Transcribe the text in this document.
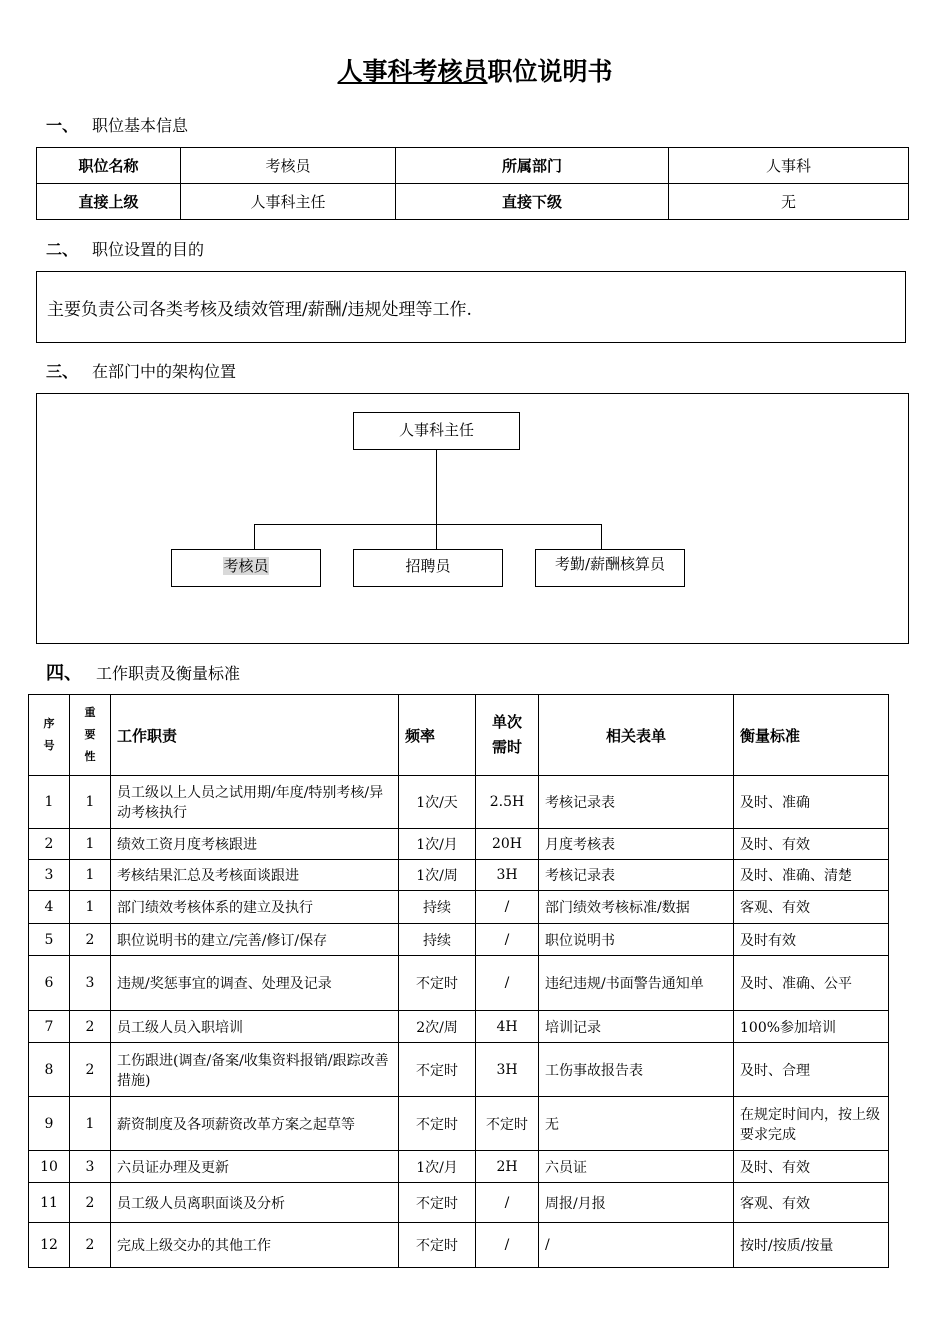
人事科考核员职位说明书
一、 职位基本信息
职位名称	考核员	所属部门	人事科
直接上级	人事科主任	直接下级	无
二、 职位设置的目的
主要负责公司各类考核及绩效管理/薪酬/违规处理等工作.
三、 在部门中的架构位置
人事科主任
考核员	招聘员	考勤/薪酬核算员
四、 工作职责及衡量标准
序号	重要性	工作职责	频率	单次需时	相关表单	衡量标准
1	1	员工级以上人员之试用期/年度/特别考核/异动考核执行	1次/天	2.5H	考核记录表	及时、准确
2	1	绩效工资月度考核跟进	1次/月	20H	月度考核表	及时、有效
3	1	考核结果汇总及考核面谈跟进	1次/周	3H	考核记录表	及时、准确、清楚
4	1	部门绩效考核体系的建立及执行	持续	/	部门绩效考核标准/数据	客观、有效
5	2	职位说明书的建立/完善/修订/保存	持续	/	职位说明书	及时有效
6	3	违规/奖惩事宜的调查、处理及记录	不定时	/	违纪违规/书面警告通知单	及时、准确、公平
7	2	员工级人员入职培训	2次/周	4H	培训记录	100%参加培训
8	2	工伤跟进(调查/备案/收集资料报销/跟踪改善措施)	不定时	3H	工伤事故报告表	及时、合理
9	1	薪资制度及各项薪资改革方案之起草等	不定时	不定时	无	在规定时间内，按上级要求完成
10	3	六员证办理及更新	1次/月	2H	六员证	及时、有效
11	2	员工级人员离职面谈及分析	不定时	/	周报/月报	客观、有效
12	2	完成上级交办的其他工作	不定时	/	/	按时/按质/按量
